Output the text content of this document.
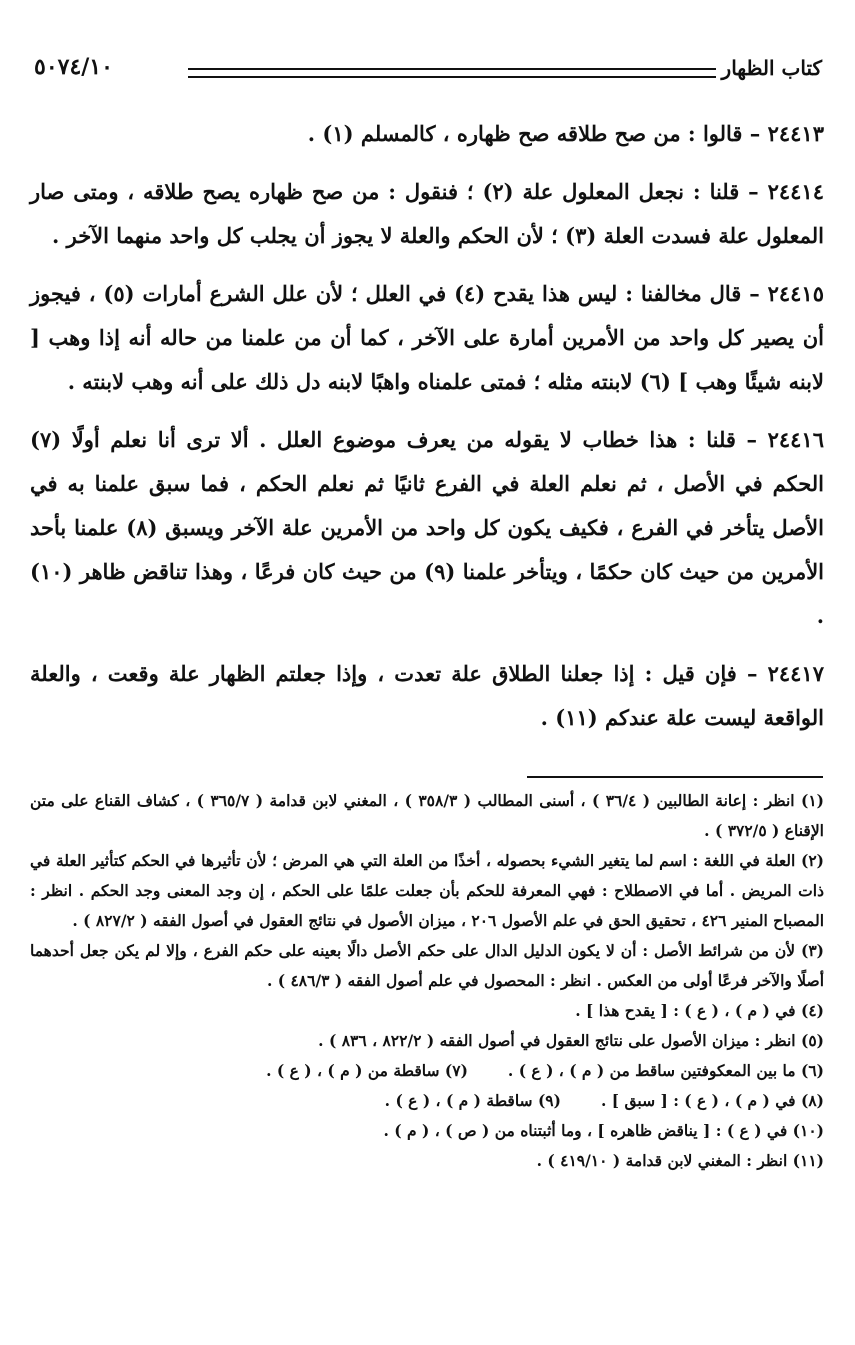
٥٠٧٤/١٠	كتاب الظهار

٢٤٤١٣ – قالوا : من صح طلاقه صح ظهاره ، كالمسلم (١) .

٢٤٤١٤ – قلنا : نجعل المعلول علة (٢) ؛ فنقول : من صح ظهاره يصح طلاقه ، ومتى صار المعلول علة فسدت العلة (٣) ؛ لأن الحكم والعلة لا يجوز أن يجلب كل واحد منهما الآخر .

٢٤٤١٥ – قال مخالفنا : ليس هذا يقدح (٤) في العلل ؛ لأن علل الشرع أمارات (٥) ، فيجوز أن يصير كل واحد من الأمرين أمارة على الآخر ، كما أن من علمنا من حاله أنه إذا وهب [ لابنه شيئًا وهب ] (٦) لابنته مثله ؛ فمتى علمناه واهبًا لابنه دل ذلك على أنه وهب لابنته .

٢٤٤١٦ – قلنا : هذا خطاب لا يقوله من يعرف موضوع العلل . ألا ترى أنا نعلم أولًا (٧) الحكم في الأصل ، ثم نعلم العلة في الفرع ثانيًا ثم نعلم الحكم ، فما سبق علمنا به في الأصل يتأخر في الفرع ، فكيف يكون كل واحد من الأمرين علة الآخر ويسبق (٨) علمنا بأحد الأمرين من حيث كان حكمًا ، ويتأخر علمنا (٩) من حيث كان فرعًا ، وهذا تناقض ظاهر (١٠) .

٢٤٤١٧ – فإن قيل : إذا جعلنا الطلاق علة تعدت ، وإذا جعلتم الظهار علة وقعت ، والعلة الواقعة ليست علة عندكم (١١) .

(١) انظر : إعانة الطالبين ( ٣٦/٤ ) ، أسنى المطالب ( ٣٥٨/٣ ) ، المغني لابن قدامة ( ٣٦٥/٧ ) ، كشاف القناع على متن الإقناع ( ٣٧٢/٥ ) .

(٢) العلة في اللغة : اسم لما يتغير الشيء بحصوله ، أخذًا من العلة التي هي المرض ؛ لأن تأثيرها في الحكم كتأثير العلة في ذات المريض . أما في الاصطلاح : فهي المعرفة للحكم بأن جعلت علمًا على الحكم ، إن وجد المعنى وجد الحكم . انظر : المصباح المنير ٤٢٦ ، تحقيق الحق في علم الأصول ٢٠٦ ، ميزان الأصول في نتائج العقول في أصول الفقه ( ٨٢٧/٢ ) .

(٣) لأن من شرائط الأصل : أن لا يكون الدليل الدال على حكم الأصل دالًا بعينه على حكم الفرع ، وإلا لم يكن جعل أحدهما أصلًا والآخر فرعًا أولى من العكس . انظر : المحصول في علم أصول الفقه ( ٤٨٦/٣ ) .

(٤) في ( م ) ، ( ع ) : [ يقدح هذا ] .

(٥) انظر : ميزان الأصول على نتائج العقول في أصول الفقه ( ٨٢٢/٢ ، ٨٣٦ ) .

(٦) ما بين المعكوفتين ساقط من ( م ) ، ( ع ) .

(٧) ساقطة من ( م ) ، ( ع ) .

(٨) في ( م ) ، ( ع ) : [ سبق ] .

(٩) ساقطة ( م ) ، ( ع ) .

(١٠) في ( ع ) : [ يناقض ظاهره ] ، وما أثبتناه من ( ص ) ، ( م ) .

(١١) انظر : المغني لابن قدامة ( ٤١٩/١٠ ) .
